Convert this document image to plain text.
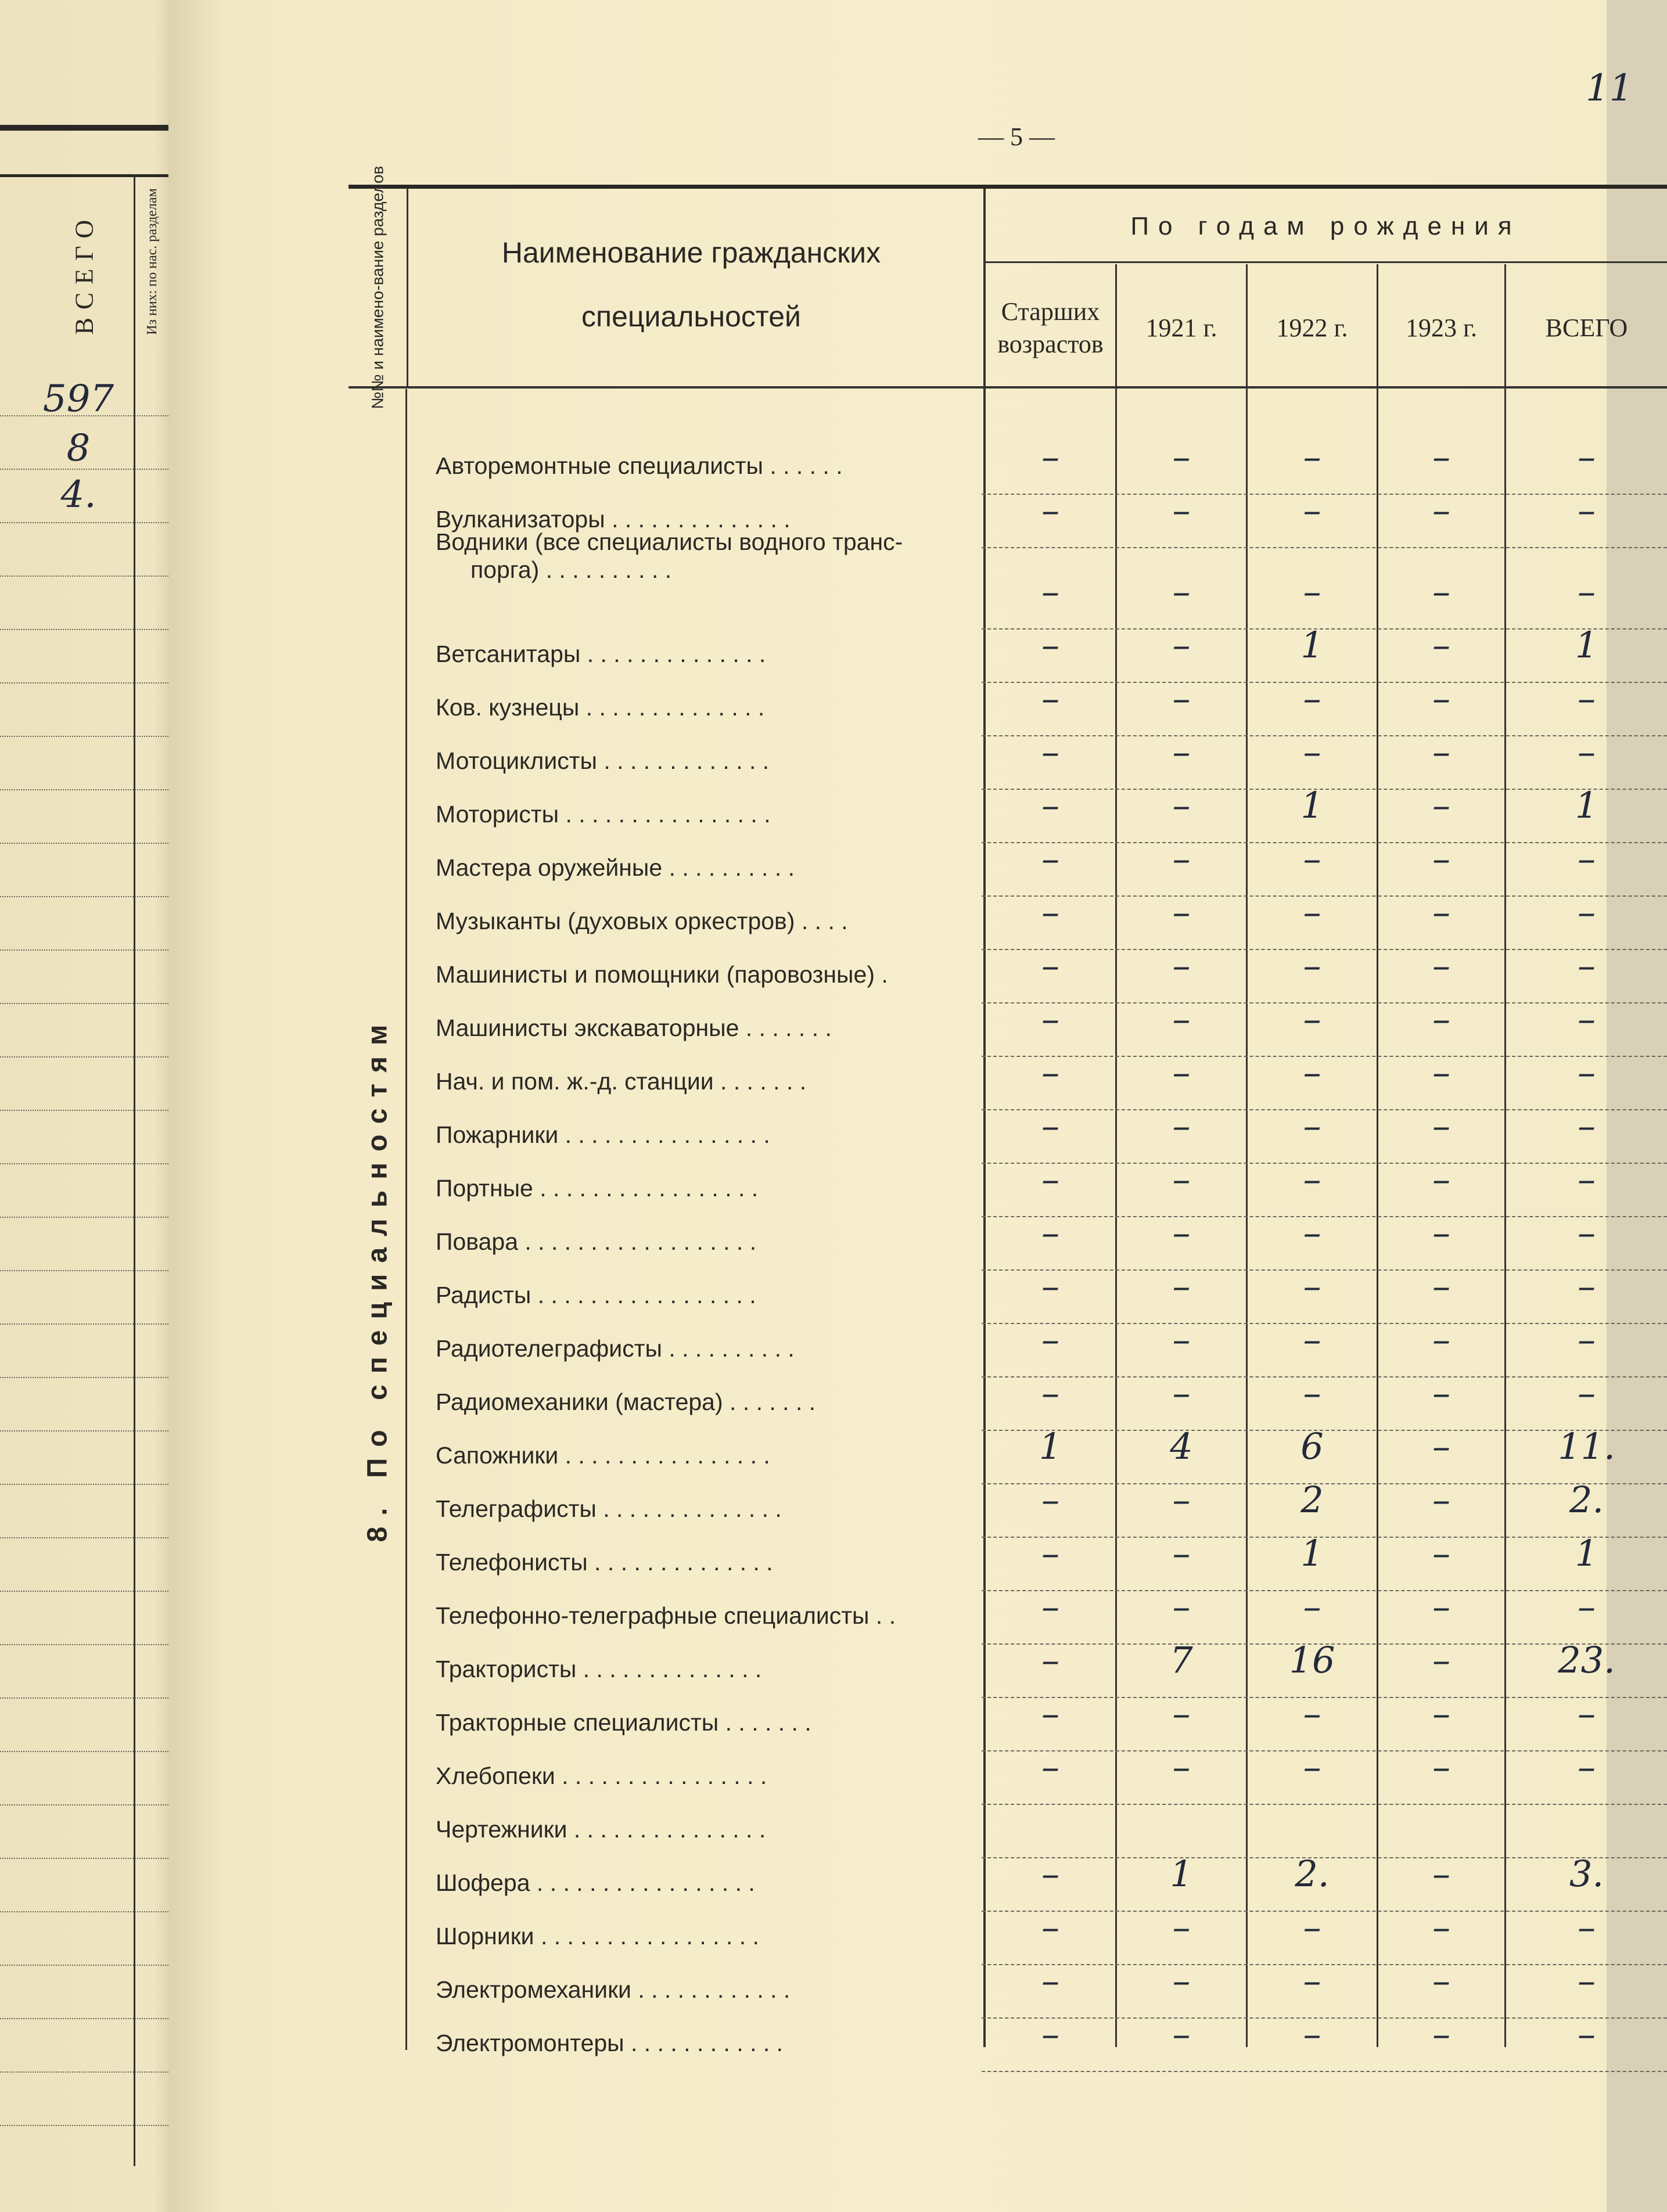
ВСЕГО	Из них: по нас. разделам
597
8
4.
— 5 —
11
№№ и наимено-вание разделов	Наименование гражданских
специальностей
По годам рождения
Старших возрастов
1921 г.	1922 г.	1923 г.	ВСЕГО
8. По специальностям
Авторемонтные специалисты . . . . . .	–	–	–	–	–
Вулканизаторы . . . . . . . . . . . . . .	–	–	–	–	–
Водники (все специалисты водного транс-
порга) . . . . . . . . . .
–	–	–	–	–
Ветсанитары . . . . . . . . . . . . . .	–	–	1	–	1
Ков. кузнецы . . . . . . . . . . . . . .	–	–	–	–	–
Мотоциклисты . . . . . . . . . . . . .	–	–	–	–	–
Мотористы . . . . . . . . . . . . . . . .	–	–	1	–	1
Мастера оружейные . . . . . . . . . .	–	–	–	–	–
Музыканты (духовых оркестров) . . . .	–	–	–	–	–
Машинисты и помощники (паровозные) .	–	–	–	–	–
Машинисты экскаваторные . . . . . . .	–	–	–	–	–
Нач. и пом. ж.-д. станции . . . . . . .	–	–	–	–	–
Пожарники . . . . . . . . . . . . . . . .	–	–	–	–	–
Портные . . . . . . . . . . . . . . . . .	–	–	–	–	–
Повара . . . . . . . . . . . . . . . . . .	–	–	–	–	–
Радисты . . . . . . . . . . . . . . . . .	–	–	–	–	–
Радиотелеграфисты . . . . . . . . . .	–	–	–	–	–
Радиомеханики (мастера) . . . . . . .	–	–	–	–	–
Сапожники . . . . . . . . . . . . . . . .	1	4	6	–	11.
Телеграфисты . . . . . . . . . . . . . .	–	–	2	–	2.
Телефонисты . . . . . . . . . . . . . .	–	–	1	–	1
Телефонно-телеграфные специалисты . .	–	–	–	–	–
Трактористы . . . . . . . . . . . . . .	–	7	16	–	23.
Тракторные специалисты . . . . . . .	–	–	–	–	–
Хлебопеки . . . . . . . . . . . . . . . .	–	–	–	–	–
Чертежники . . . . . . . . . . . . . . .
Шофера . . . . . . . . . . . . . . . . .	–	1	2.	–	3.
Шорники . . . . . . . . . . . . . . . . .	–	–	–	–	–
Электромеханики . . . . . . . . . . . .	–	–	–	–	–
Электромонтеры . . . . . . . . . . . .	–	–	–	–	–
